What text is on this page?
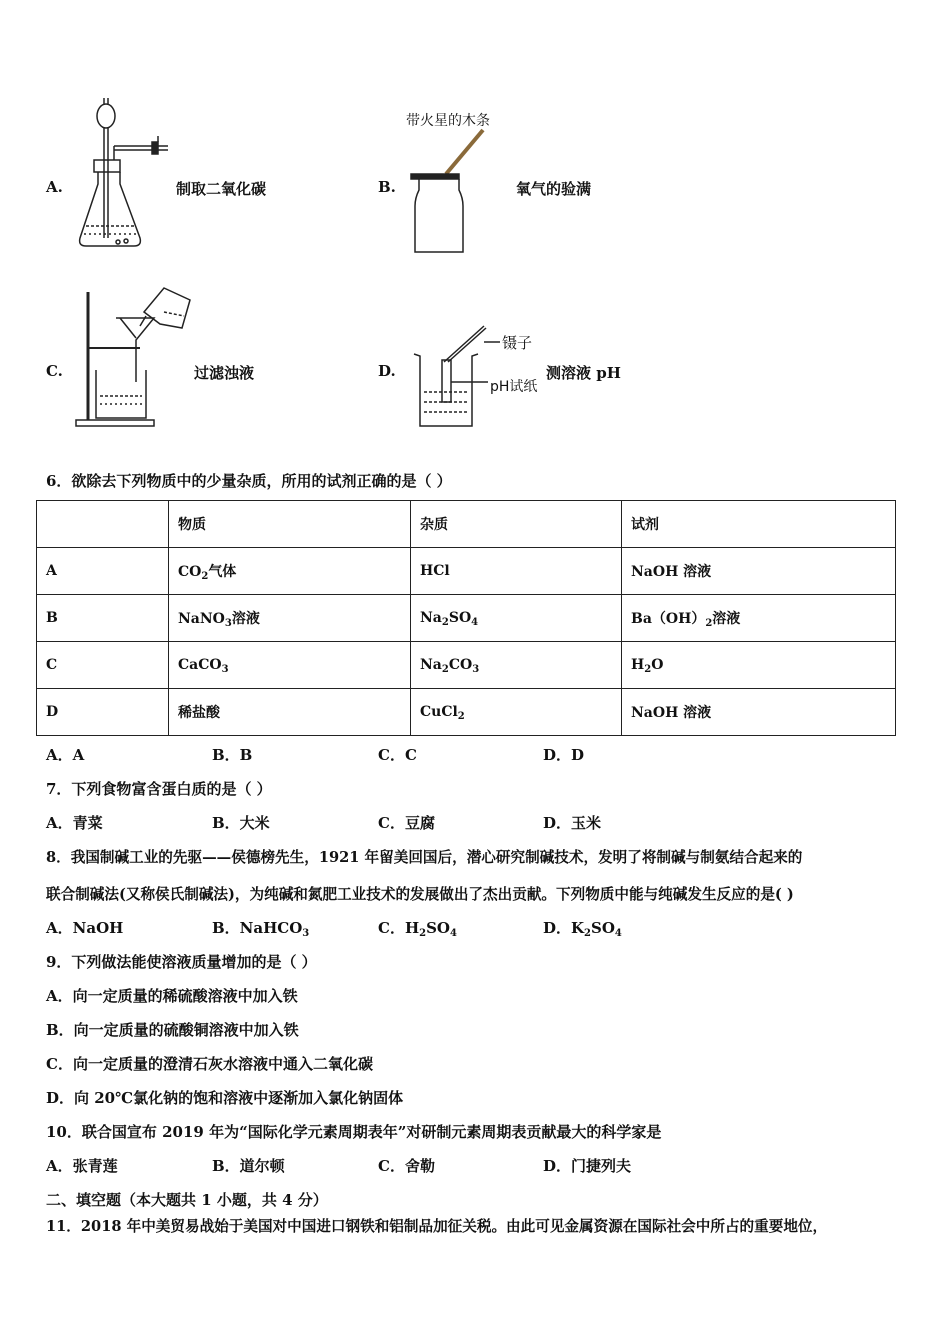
A.	制取二氧化碳	B.
带火星的木条
氧气的验满
C.	过滤浊液	D.
镊子
pH试纸
测溶液 pH
6．欲除去下列物质中的少量杂质，所用的试剂正确的是（ ）
	物质	杂质	试剂
A	$CO_2$气体	HCl	NaOH 溶液
B	NaNO$_3$溶液	$Na_2SO_4$	$Ba(OH)_2$溶液
C	CaCO$_3$	$Na_2CO_3$	$H_2O$
D	稀盐酸	CuCl$_2$	NaOH 溶液
A．A	B．B	C．C	D．D
7．下列食物富含蛋白质的是（ ）
A．青菜	B．大米	C．豆腐	D．玉米
8．我国制碱工业的先驱——侯德榜先生，1921 年留美回国后，潜心研究制碱技术，发明了将制碱与制氨结合起来的
联合制碱法(又称侯氏制碱法)，为纯碱和氮肥工业技术的发展做出了杰出贡献。下列物质中能与纯碱发生反应的是( )
A．NaOH	B．NaHCO$_3$	C．$H_2SO_4$	D．$K_2SO_4$
9．下列做法能使溶液质量增加的是（ ）
A．向一定质量的稀硫酸溶液中加入铁
B．向一定质量的硫酸铜溶液中加入铁
C．向一定质量的澄清石灰水溶液中通入二氧化碳
D．向 20℃氯化钠的饱和溶液中逐渐加入氯化钠固体
10．联合国宣布 2019 年为“国际化学元素周期表年”对研制元素周期表贡献最大的科学家是
A．张青莲	B．道尔顿	C．舍勒	D．门捷列夫
二、填空题（本大题共 1 小题，共 4 分）
11．2018 年中美贸易战始于美国对中国进口钢铁和铝制品加征关税。由此可见金属资源在国际社会中所占的重要地位，
